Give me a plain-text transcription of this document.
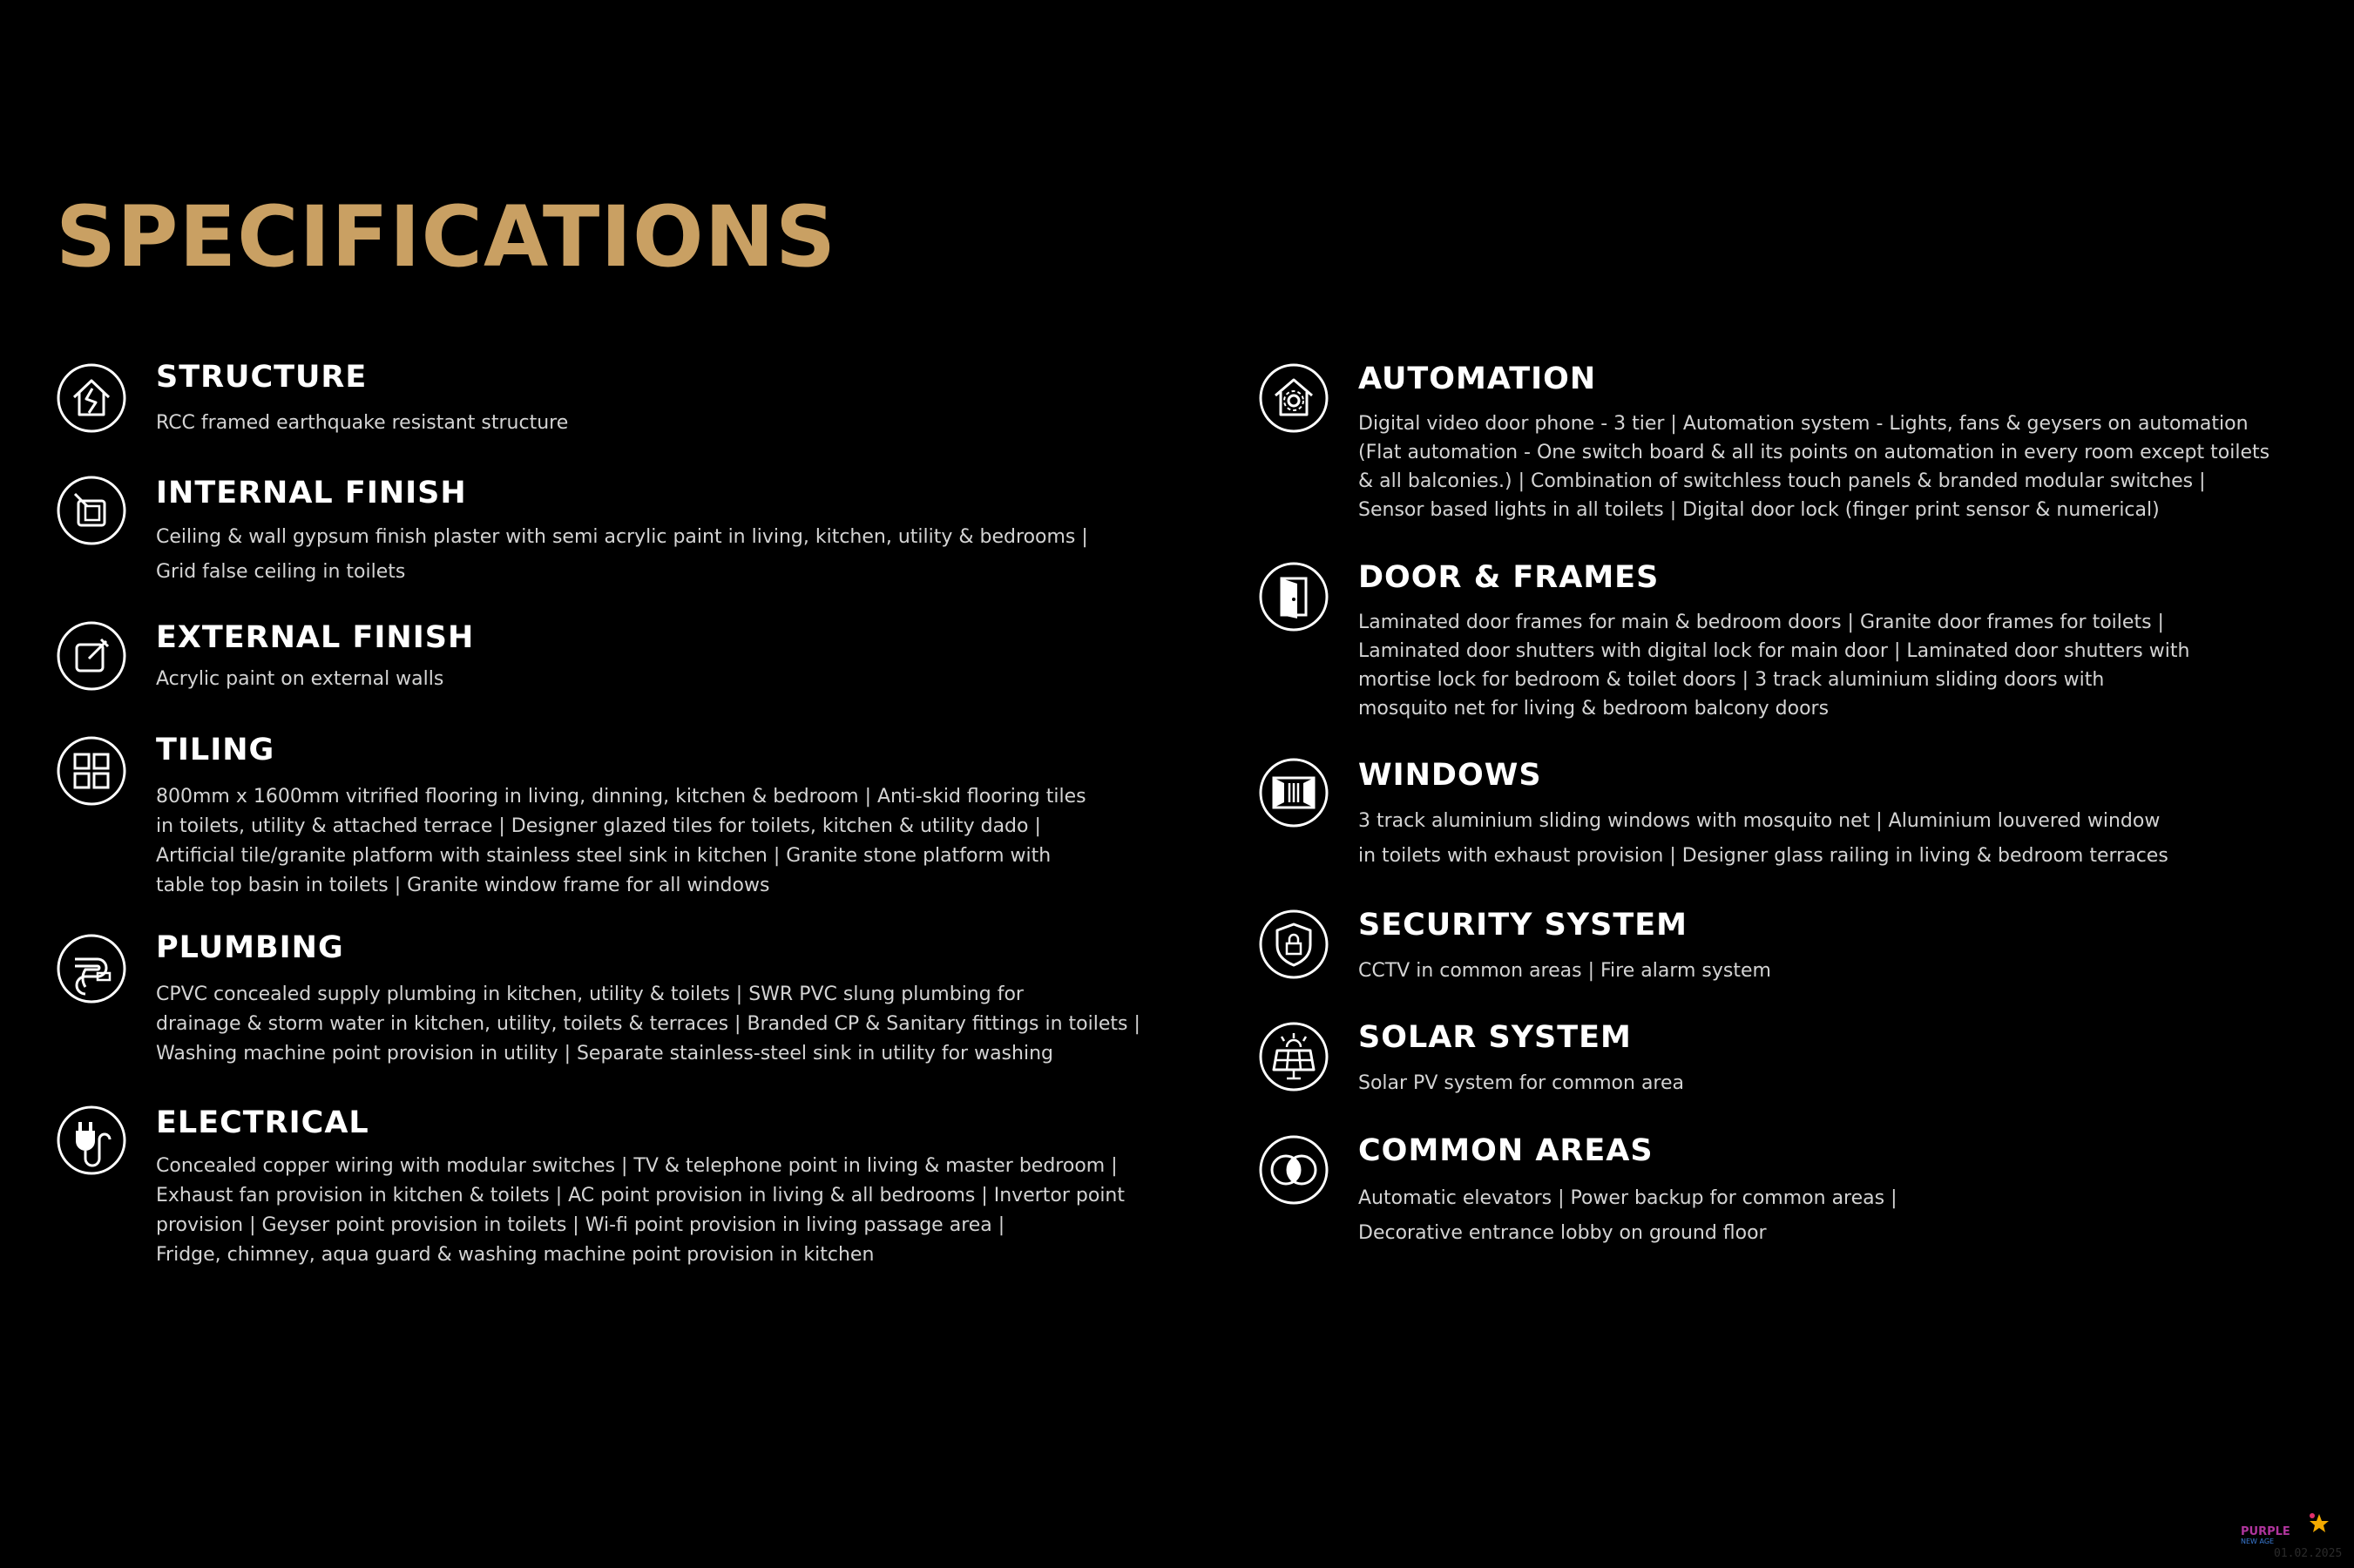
SPECIFICATIONS
STRUCTURE
RCC framed earthquake resistant structure
INTERNAL FINISH
Ceiling & wall gypsum finish plaster with semi acrylic paint in living, kitchen, utility & bedrooms |
Grid false ceiling in toilets
EXTERNAL FINISH
Acrylic paint on external walls
TILING
800mm x 1600mm vitrified flooring in living, dinning, kitchen & bedroom | Anti-skid flooring tiles
in toilets, utility & attached terrace | Designer glazed tiles for toilets, kitchen & utility dado |
Artificial tile/granite platform with stainless steel sink in kitchen | Granite stone platform with
table top basin in toilets | Granite window frame for all windows
PLUMBING
CPVC concealed supply plumbing in kitchen, utility & toilets | SWR PVC slung plumbing for
drainage & storm water in kitchen, utility, toilets & terraces | Branded CP & Sanitary fittings in toilets |
Washing machine point provision in utility | Separate stainless-steel sink in utility for washing
ELECTRICAL
Concealed copper wiring with modular switches | TV & telephone point in living & master bedroom |
Exhaust fan provision in kitchen & toilets | AC point provision in living & all bedrooms | Invertor point
provision | Geyser point provision in toilets | Wi-fi point provision in living passage area |
Fridge, chimney, aqua guard & washing machine point provision in kitchen
AUTOMATION
Digital video door phone - 3 tier | Automation system - Lights, fans & geysers on automation
(Flat automation - One switch board & all its points on automation in every room except toilets
& all balconies.) | Combination of switchless touch panels & branded modular switches |
Sensor based lights in all toilets | Digital door lock (finger print sensor & numerical)
DOOR & FRAMES
Laminated door frames for main & bedroom doors | Granite door frames for toilets |
Laminated door shutters with digital lock for main door | Laminated door shutters with
mortise lock for bedroom & toilet doors | 3 track aluminium sliding doors with
mosquito net for living & bedroom balcony doors
WINDOWS
3 track aluminium sliding windows with mosquito net | Aluminium louvered window
in toilets with exhaust provision | Designer glass railing in living & bedroom terraces
SECURITY SYSTEM
CCTV in common areas | Fire alarm system
SOLAR SYSTEM
Solar PV system for common area
COMMON AREAS
Automatic elevators | Power backup for common areas |
Decorative entrance lobby on ground floor
PURPLE
NEW AGE
01.02.2025
